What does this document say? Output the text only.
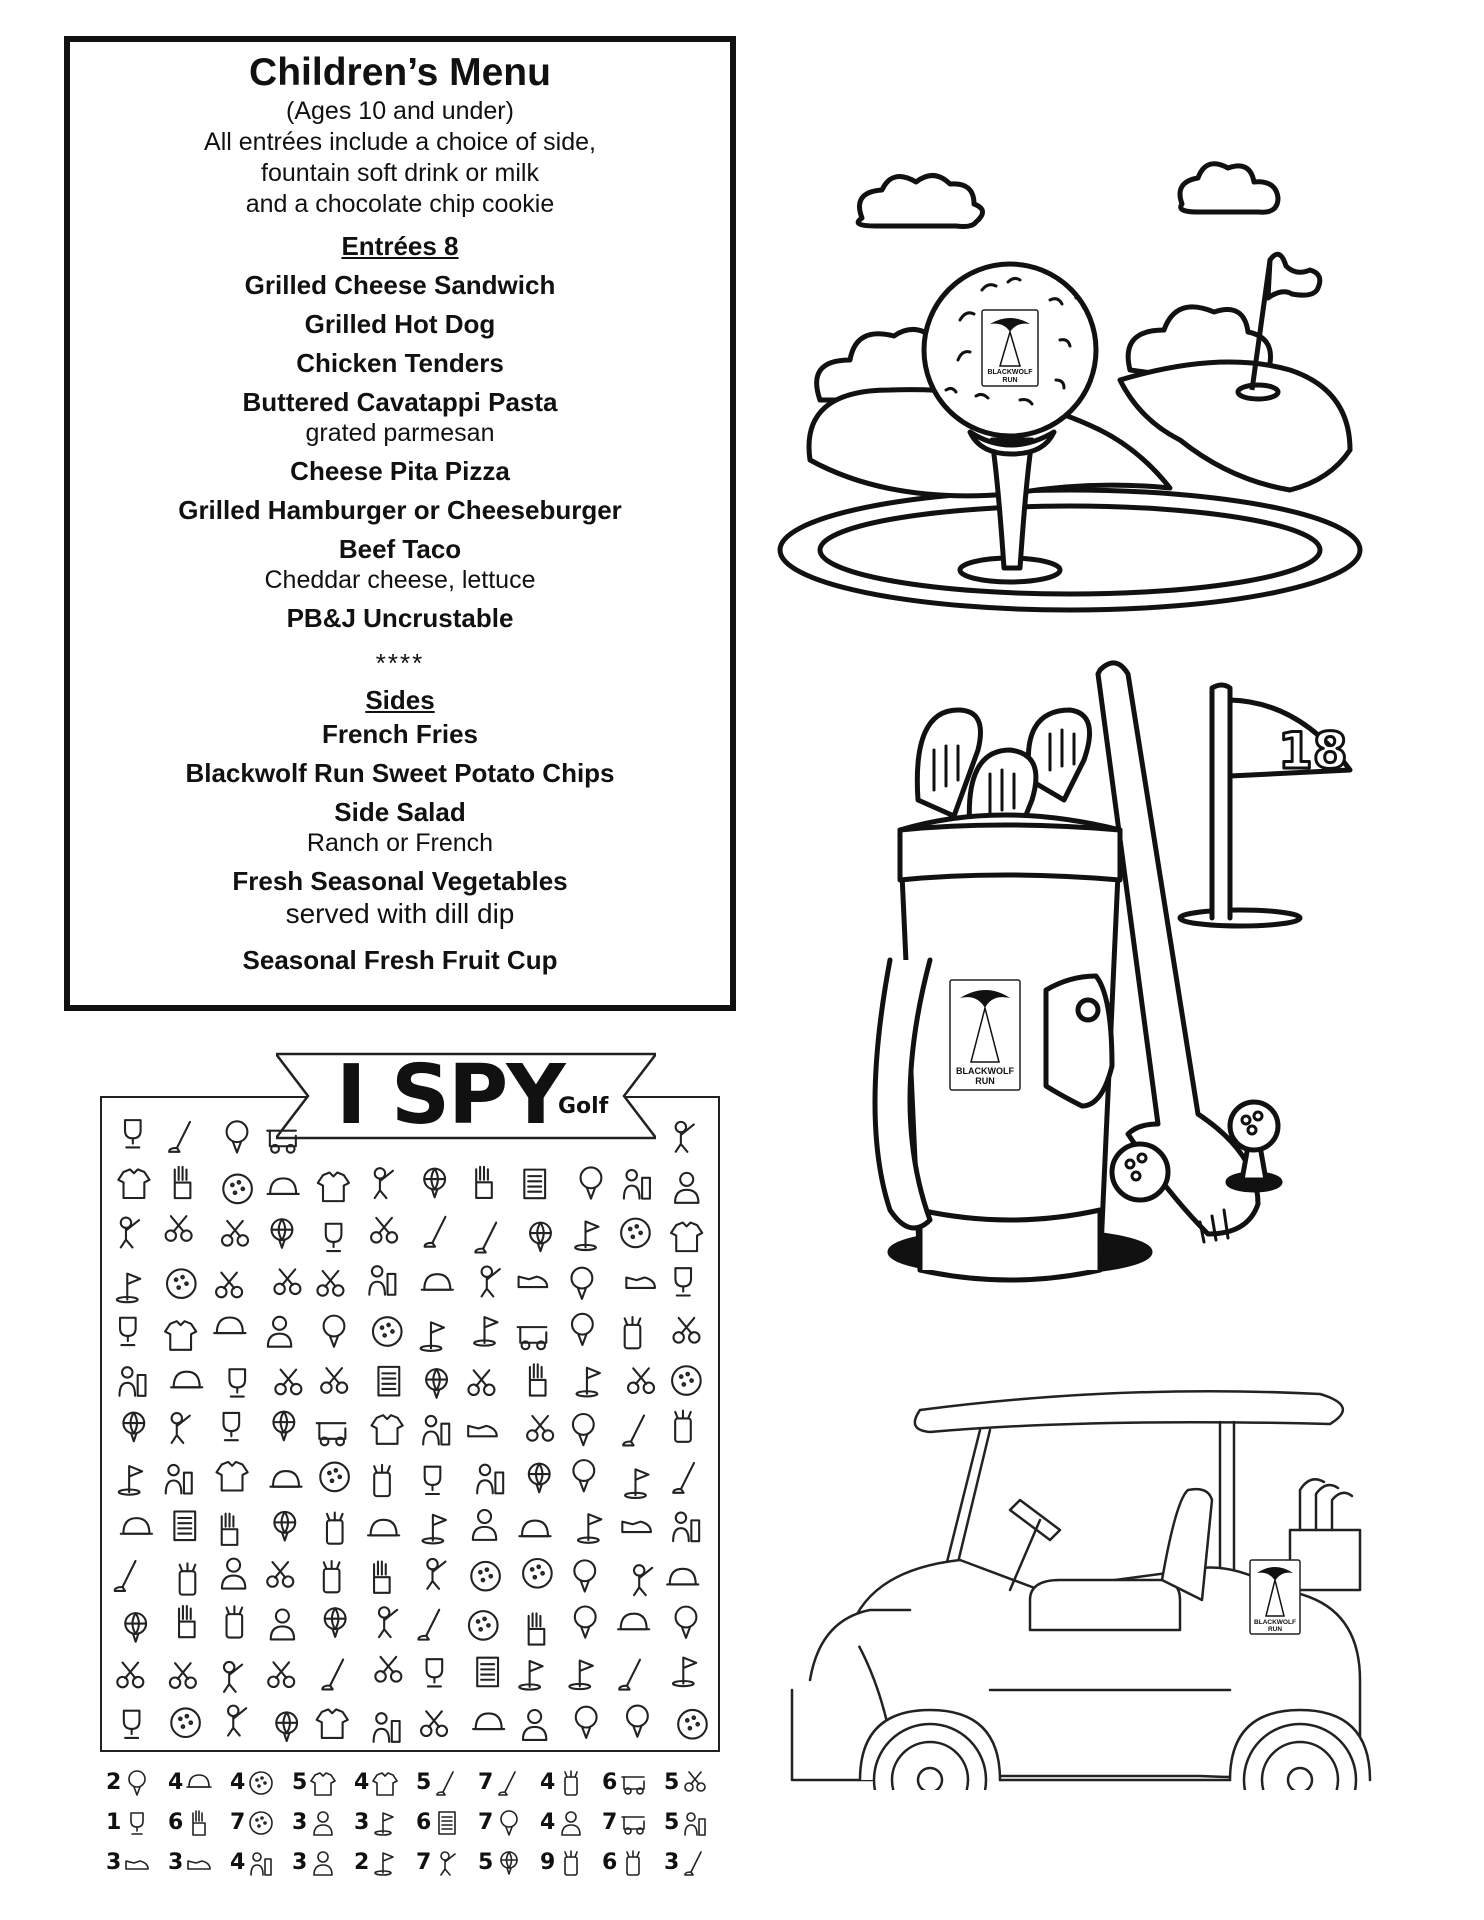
Children’s Menu
(Ages 10 and under)
All entrées include a choice of side,
fountain soft drink or milk
and a chocolate chip cookie
Entrées 8
Grilled Cheese Sandwich
Grilled Hot Dog
Chicken Tenders
Buttered Cavatappi Pasta
grated parmesan
Cheese Pita Pizza
Grilled Hamburger or Cheeseburger
Beef Taco
Cheddar cheese, lettuce
PB&J Uncrustable
****
Sides
French Fries
Blackwolf Run Sweet Potato Chips
Side Salad
Ranch or French
Fresh Seasonal Vegetables
served with dill dip
Seasonal Fresh Fruit Cup
I SPY
Golf
2	4	4	5	4	5	7	4	6	5
1	6	7	3	3	6	7	4	7	5
3	3	4	3	2	7	5	9	6	3
BLACKWOLF
RUN
18
BLACKWOLF
RUN
BLACKWOLF
RUN
